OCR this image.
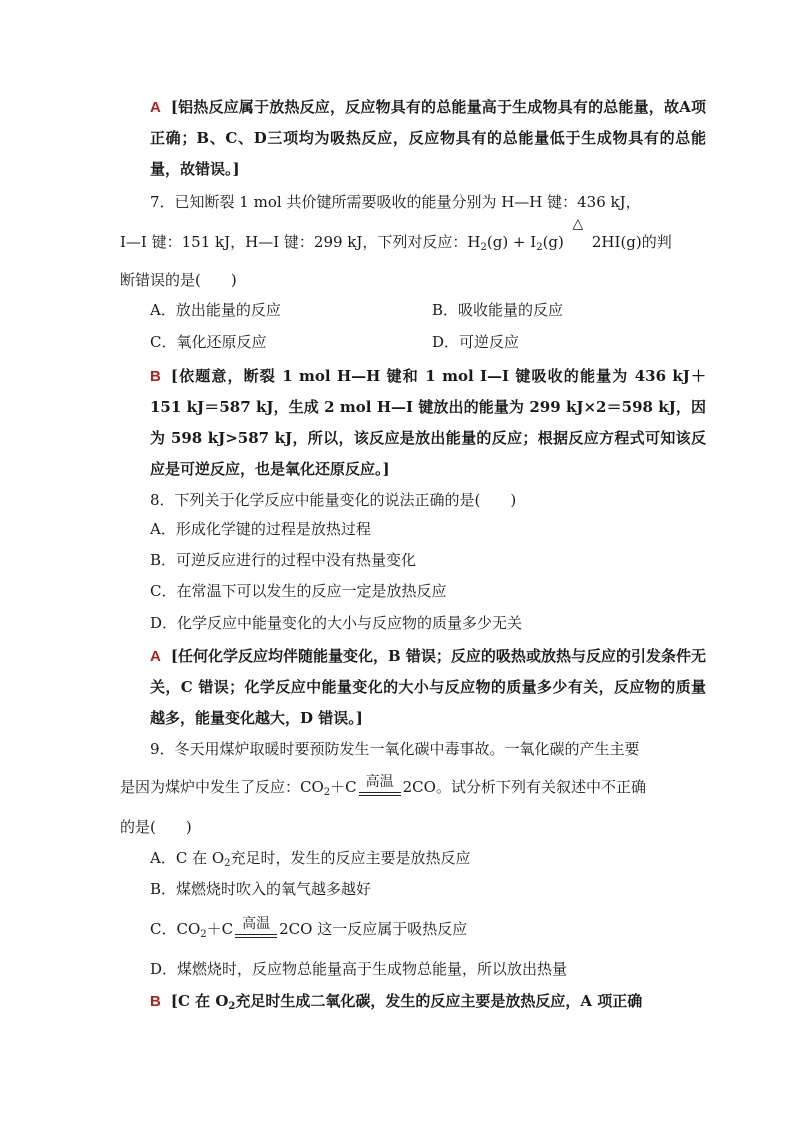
A [铝热反应属于放热反应，反应物具有的总能量高于生成物具有的总能量，故A项正确；B、C、D三项均为吸热反应，反应物具有的总能量低于生成物具有的总能量，故错误。]

7．已知断裂 1 mol 共价键所需要吸收的能量分别为 H—H 键：436 kJ，
I—I 键：151 kJ，H—I 键：299 kJ，下列对反应：$H_2(g) + I_2(g)$
△
2HI(g)的判
断错误的是(　　)
A．放出能量的反应	B．吸收能量的反应
C．氧化还原反应	D．可逆反应

B [依题意，断裂 1 mol H—H 键和 1 mol I—I 键吸收的能量为 436 kJ＋151 kJ＝587 kJ，生成 2 mol H—I 键放出的能量为 299 kJ×2＝598 kJ，因为 598 kJ>587 kJ，所以，该反应是放出能量的反应；根据反应方程式可知该反应是可逆反应，也是氧化还原反应。]

8．下列关于化学反应中能量变化的说法正确的是(　　)
A．形成化学键的过程是放热过程
B．可逆反应进行的过程中没有热量变化
C．在常温下可以发生的反应一定是放热反应
D．化学反应中能量变化的大小与反应物的质量多少无关

A [任何化学反应均伴随能量变化，B 错误；反应的吸热或放热与反应的引发条件无关，C 错误；化学反应中能量变化的大小与反应物的质量多少有关，反应物的质量越多，能量变化越大，D 错误。]

9．冬天用煤炉取暖时要预防发生一氧化碳中毒事故。一氧化碳的产生主要
是因为煤炉中发生了反应：$CO_2+C$ 高温 2CO。试分析下列有关叙述中不正确
的是(　　)
A．C 在 $O_2$充足时，发生的反应主要是放热反应
B．煤燃烧时吹入的氧气越多越好
C．$CO_2+C$ 高温 2CO 这一反应属于吸热反应
D．煤燃烧时，反应物总能量高于生成物总能量，所以放出热量
B [C 在 $O_2$充足时生成二氧化碳，发生的反应主要是放热反应，A 项正确
